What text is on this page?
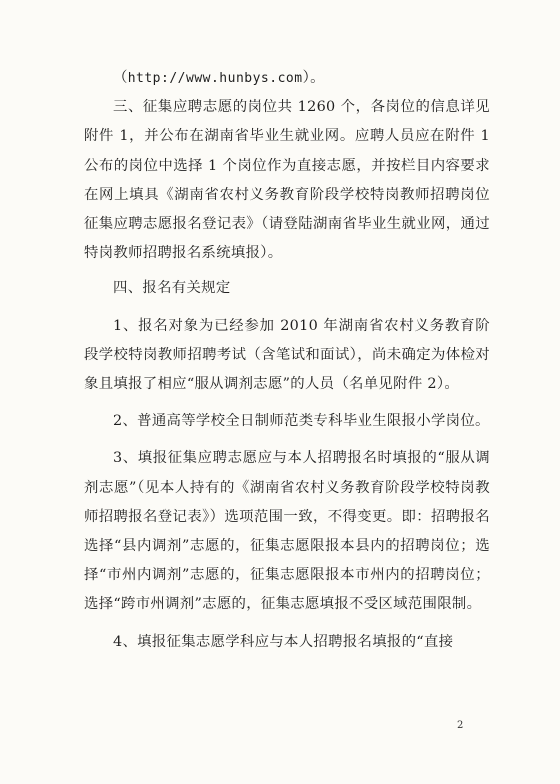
（http://www.hunbys.com）。

三、征集应聘志愿的岗位共 1260 个，各岗位的信息详见附件 1，并公布在湖南省毕业生就业网。应聘人员应在附件 1 公布的岗位中选择 1 个岗位作为直接志愿，并按栏目内容要求在网上填具《湖南省农村义务教育阶段学校特岗教师招聘岗位征集应聘志愿报名登记表》（请登陆湖南省毕业生就业网，通过特岗教师招聘报名系统填报）。

四、报名有关规定

1、报名对象为已经参加 2010 年湖南省农村义务教育阶段学校特岗教师招聘考试（含笔试和面试），尚未确定为体检对象且填报了相应“服从调剂志愿”的人员（名单见附件 2）。

2、普通高等学校全日制师范类专科毕业生限报小学岗位。

3、填报征集应聘志愿应与本人招聘报名时填报的“服从调剂志愿”（见本人持有的《湖南省农村义务教育阶段学校特岗教师招聘报名登记表》）选项范围一致，不得变更。即：招聘报名选择“县内调剂”志愿的，征集志愿限报本县内的招聘岗位；选择“市州内调剂”志愿的，征集志愿限报本市州内的招聘岗位；选择“跨市州调剂”志愿的，征集志愿填报不受区域范围限制。

4、填报征集志愿学科应与本人招聘报名填报的“直接

2
